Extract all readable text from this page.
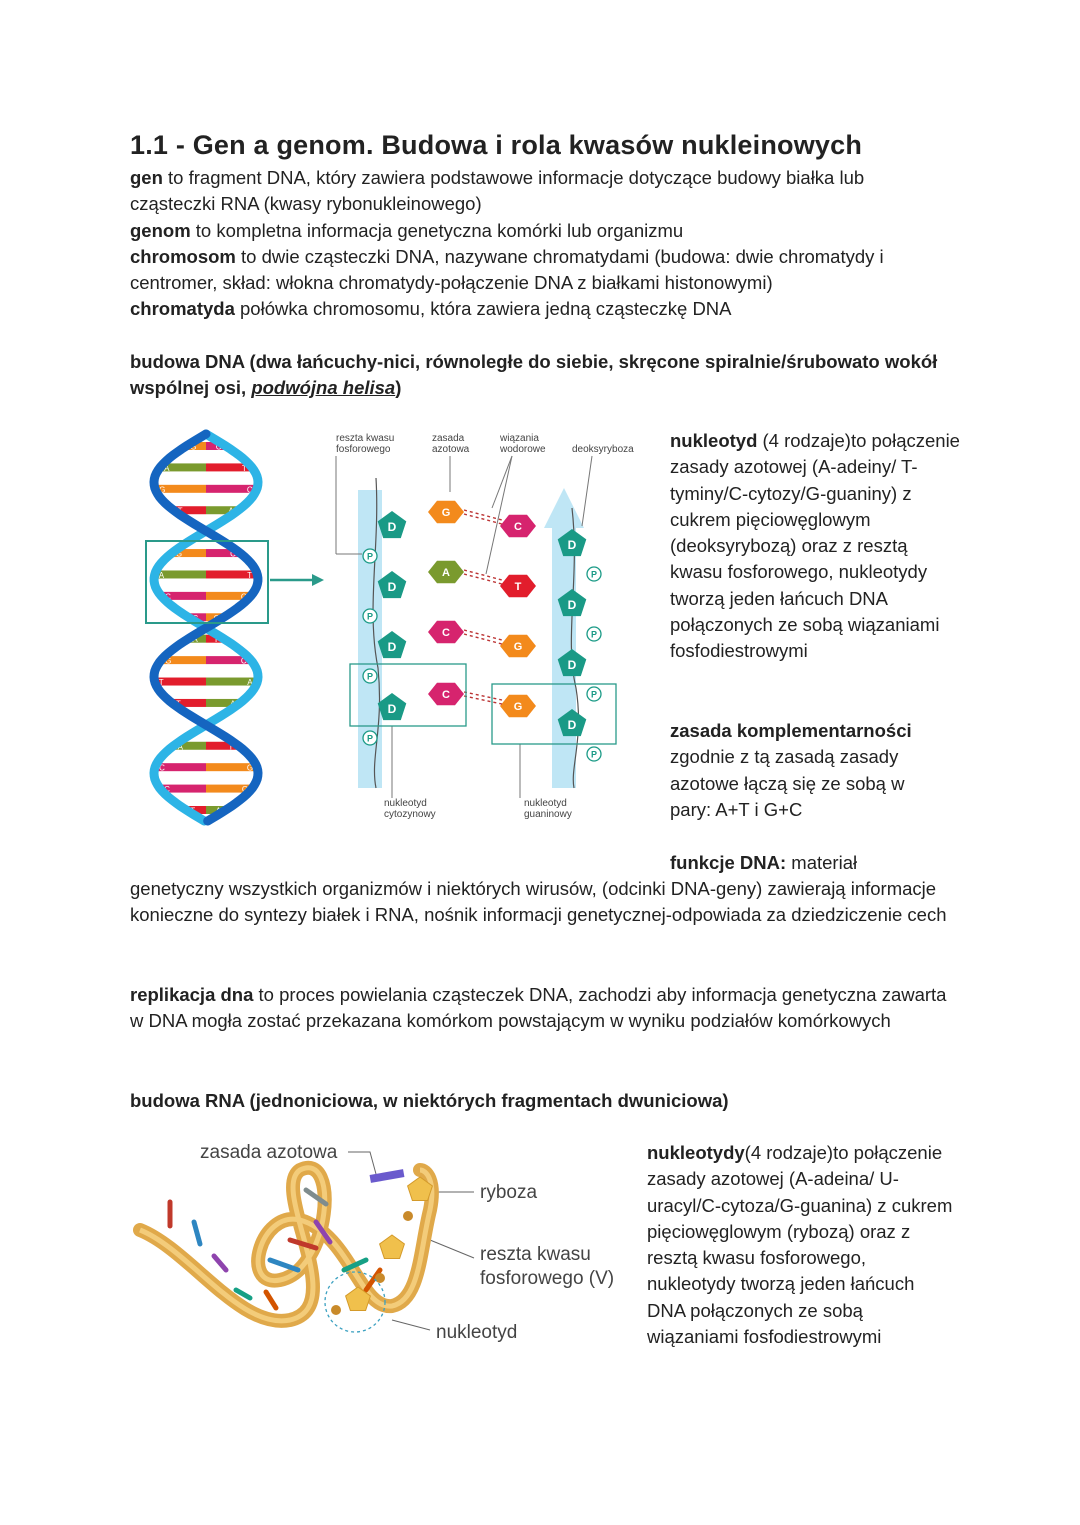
1.1 - Gen a genom. Budowa i rola kwasów nukleinowych
gen to fragment DNA, który zawiera podstawowe informacje dotyczące budowy białka lub cząsteczki RNA (kwasy rybonukleinowego)
genom to kompletna informacja genetyczna komórki lub organizmu
chromosom to dwie cząsteczki DNA, nazywane chromatydami (budowa: dwie chromatydy i centromer, skład: włokna chromatydy-połączenie DNA z białkami histonowymi)
chromatyda połówka chromosomu, która zawiera jedną cząsteczkę DNA
budowa DNA (dwa łańcuchy-nici, równoległe do siebie, skręcone spiralnie/śrubowato wokół wspólnej osi, podwójna helisa)
C
G
T
A
C
G
A
T
A
T
G	C
A	T
C	G
C G
T
A
C
G
A
T
A
T
G C
A	T
C	G
C	G
T	A
D
G
D
C
P
P
D
A
D
T
P
P
D
C
D
G
P
P
D
C
D
G
P
P
reszta kwasu
fosforowego
zasada
azotowa
wiązania
wodorowe	deoksyryboza
nukleotyd
cytozynowy
nukleotyd
guaninowy
nukleotyd (4 rodzaje)to połączenie zasady azotowej (A-adeiny/ T-tyminy/C-cytozy/G-guaniny) z cukrem pięciowęglowym (deoksyrybozą) oraz z resztą kwasu fosforowego, nukleotydy tworzą jeden łańcuch DNA połączonych ze sobą wiązaniami fosfodiestrowymi
zasada komplementarności
zgodnie z tą zasadą zasady azotowe łączą się ze sobą w pary: A+T i G+C
funkcje DNA: materiał
genetyczny wszystkich organizmów i niektórych wirusów, (odcinki DNA-geny) zawierają informacje konieczne do syntezy białek i RNA, nośnik informacji genetycznej-odpowiada za dziedziczenie cech
replikacja dna to proces powielania cząsteczek DNA, zachodzi aby informacja genetyczna zawarta w DNA mogła zostać przekazana komórkom powstającym w wyniku podziałów komórkowych
budowa RNA (jednoniciowa, w niektórych fragmentach dwuniciowa)
zasada azotowa
ryboza
reszta kwasu
fosforowego (V)
nukleotyd
nukleotydy(4 rodzaje)to połączenie zasady azotowej (A-adeina/ U-uracyl/C-cytoza/G-guanina) z cukrem pięciowęglowym (rybozą) oraz z resztą kwasu fosforowego, nukleotydy tworzą jeden łańcuch DNA połączonych ze sobą wiązaniami fosfodiestrowymi
